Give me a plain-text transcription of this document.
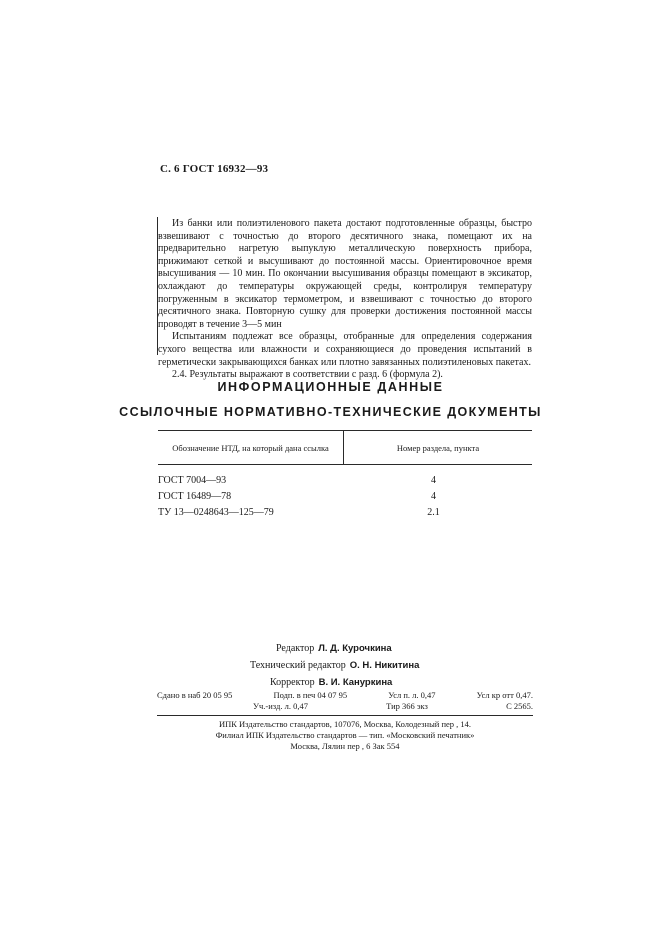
С. 6 ГОСТ 16932—93

Из банки или полиэтиленового пакета достают подготовленные образцы, быстро взвешивают с точностью до второго десятичного знака, помещают их на предварительно нагретую выпуклую металлическую поверхность прибора, прижимают сеткой и высушивают до постоянной массы. Ориентировочное время высушивания — 10 мин. По окончании высушивания образцы помещают в эксикатор, охлаждают до температуры окружающей среды, контролируя температуру погруженным в эксикатор термометром, и взвешивают с точностью до второго десятичного знака. Повторную сушку для проверки достижения постоянной массы проводят в течение 3—5 мин

Испытаниям подлежат все образцы, отобранные для определения содержания сухого вещества или влажности и сохраняющиеся до проведения испытаний в герметически закрывающихся банках или плотно завязанных полиэтиленовых пакетах.

2.4. Результаты выражают в соответствии с разд. 6 (формула 2).

ИНФОРМАЦИОННЫЕ ДАННЫЕ
ССЫЛОЧНЫЕ НОРМАТИВНО-ТЕХНИЧЕСКИЕ ДОКУМЕНТЫ
Обозначение НТД, на который дана ссылка	Номер раздела, пункта
ГОСТ 7004—93	4
ГОСТ 16489—78	4
ТУ 13—0248643—125—79	2.1
Редактор Л. Д. Курочкина
Технический редактор О. Н. Никитина
Корректор В. И. Кануркина
Сдано в наб 20 05 95	Подп. в печ 04 07 95	Усл п. л. 0,47	Усл кр отт 0,47.
Уч.-изд. л. 0,47	Тир 366 экз	С 2565.
ИПК Издательство стандартов, 107076, Москва, Колодезный пер , 14.
Филиал ИПК Издательство стандартов — тип. «Московский печатник»
Москва, Лялин пер , 6 Зак 554
